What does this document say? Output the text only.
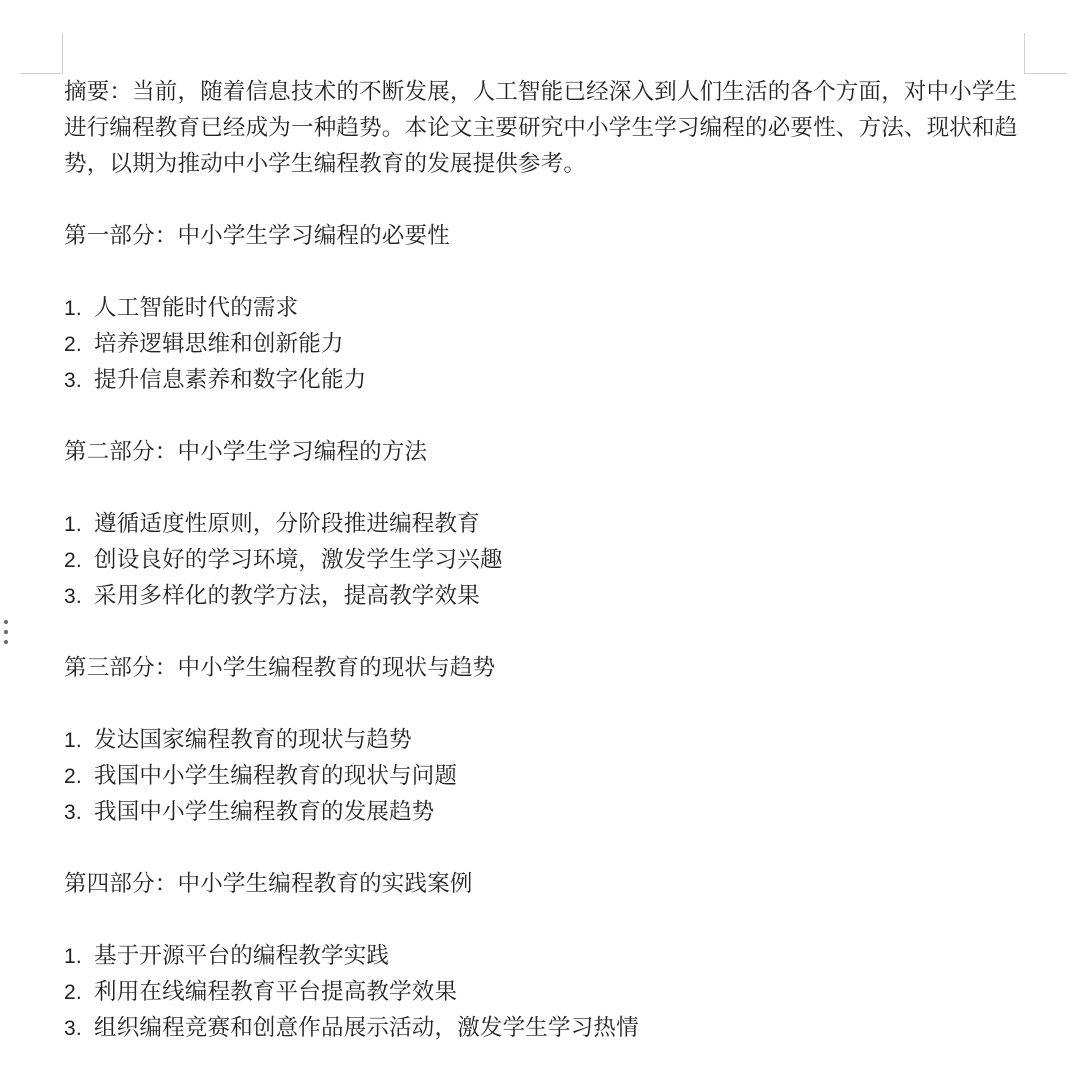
摘要：当前，随着信息技术的不断发展，人工智能已经深入到人们生活的各个方面，对中小学生进行编程教育已经成为一种趋势。本论文主要研究中小学生学习编程的必要性、方法、现状和趋势，以期为推动中小学生编程教育的发展提供参考。

第一部分：中小学生学习编程的必要性

1. 人工智能时代的需求
2. 培养逻辑思维和创新能力
3. 提升信息素养和数字化能力

第二部分：中小学生学习编程的方法

1. 遵循适度性原则，分阶段推进编程教育
2. 创设良好的学习环境，激发学生学习兴趣
3. 采用多样化的教学方法，提高教学效果

第三部分：中小学生编程教育的现状与趋势

1. 发达国家编程教育的现状与趋势
2. 我国中小学生编程教育的现状与问题
3. 我国中小学生编程教育的发展趋势

第四部分：中小学生编程教育的实践案例

1. 基于开源平台的编程教学实践
2. 利用在线编程教育平台提高教学效果
3. 组织编程竞赛和创意作品展示活动，激发学生学习热情
